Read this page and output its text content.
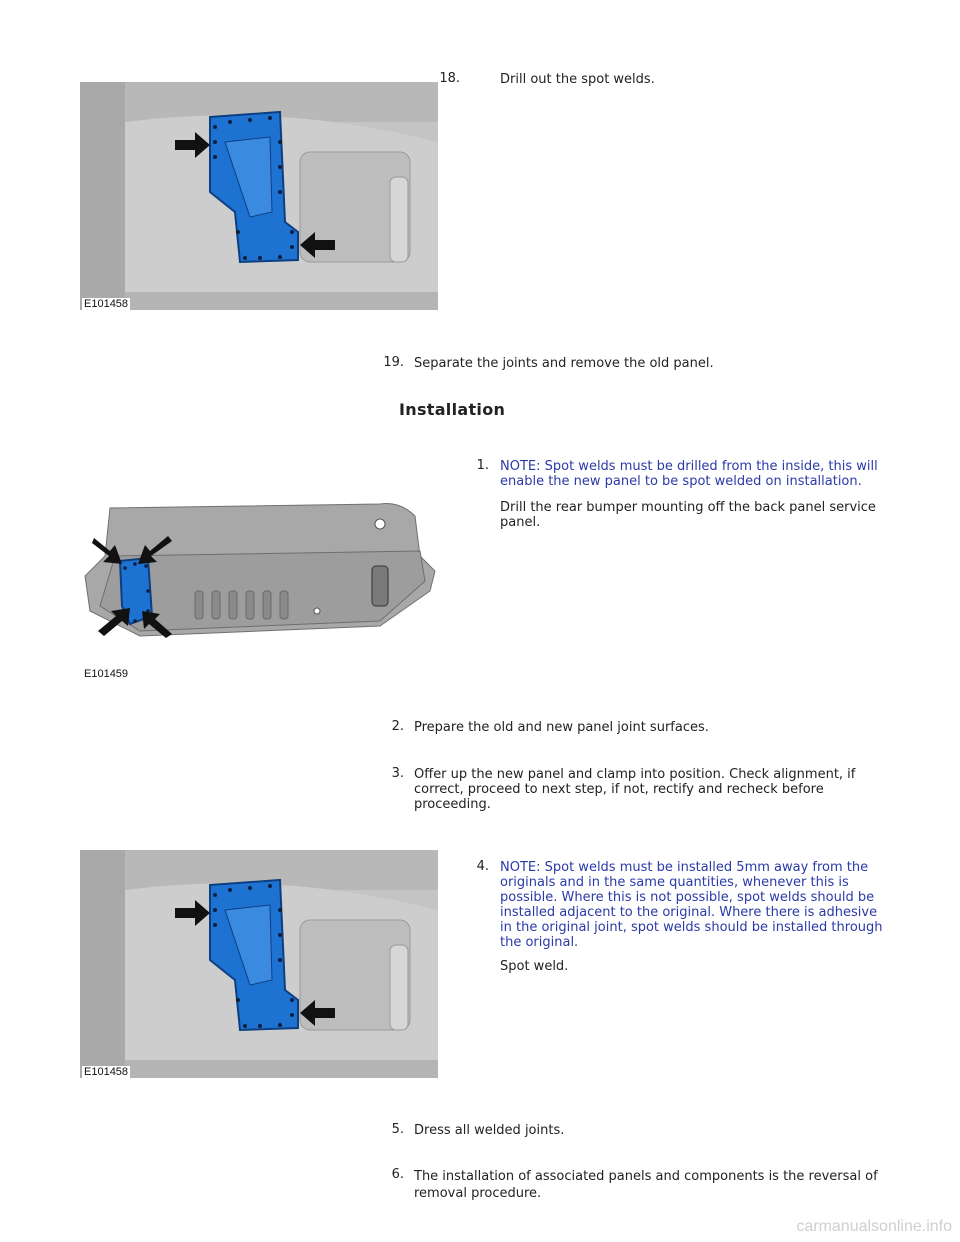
18.	Drill out the spot welds.
E101458
19. Separate the joints and remove the old panel.
Installation
1. NOTE: Spot welds must be drilled from the inside, this will enable the new panel to be spot welded on installation.
Drill the rear bumper mounting off the back panel service panel.
E101459
2. Prepare the old and new panel joint surfaces.
3. Offer up the new panel and clamp into position. Check alignment, if correct, proceed to next step, if not, rectify and recheck before proceeding.
E101458
4. NOTE: Spot welds must be installed 5mm away from the originals and in the same quantities, whenever this is possible. Where this is not possible, spot welds should be installed adjacent to the original. Where there is adhesive in the original joint, spot welds should be installed through the original.
Spot weld.
5. Dress all welded joints.
6. The installation of associated panels and components is the reversal of removal procedure.
carmanualsonline.info
